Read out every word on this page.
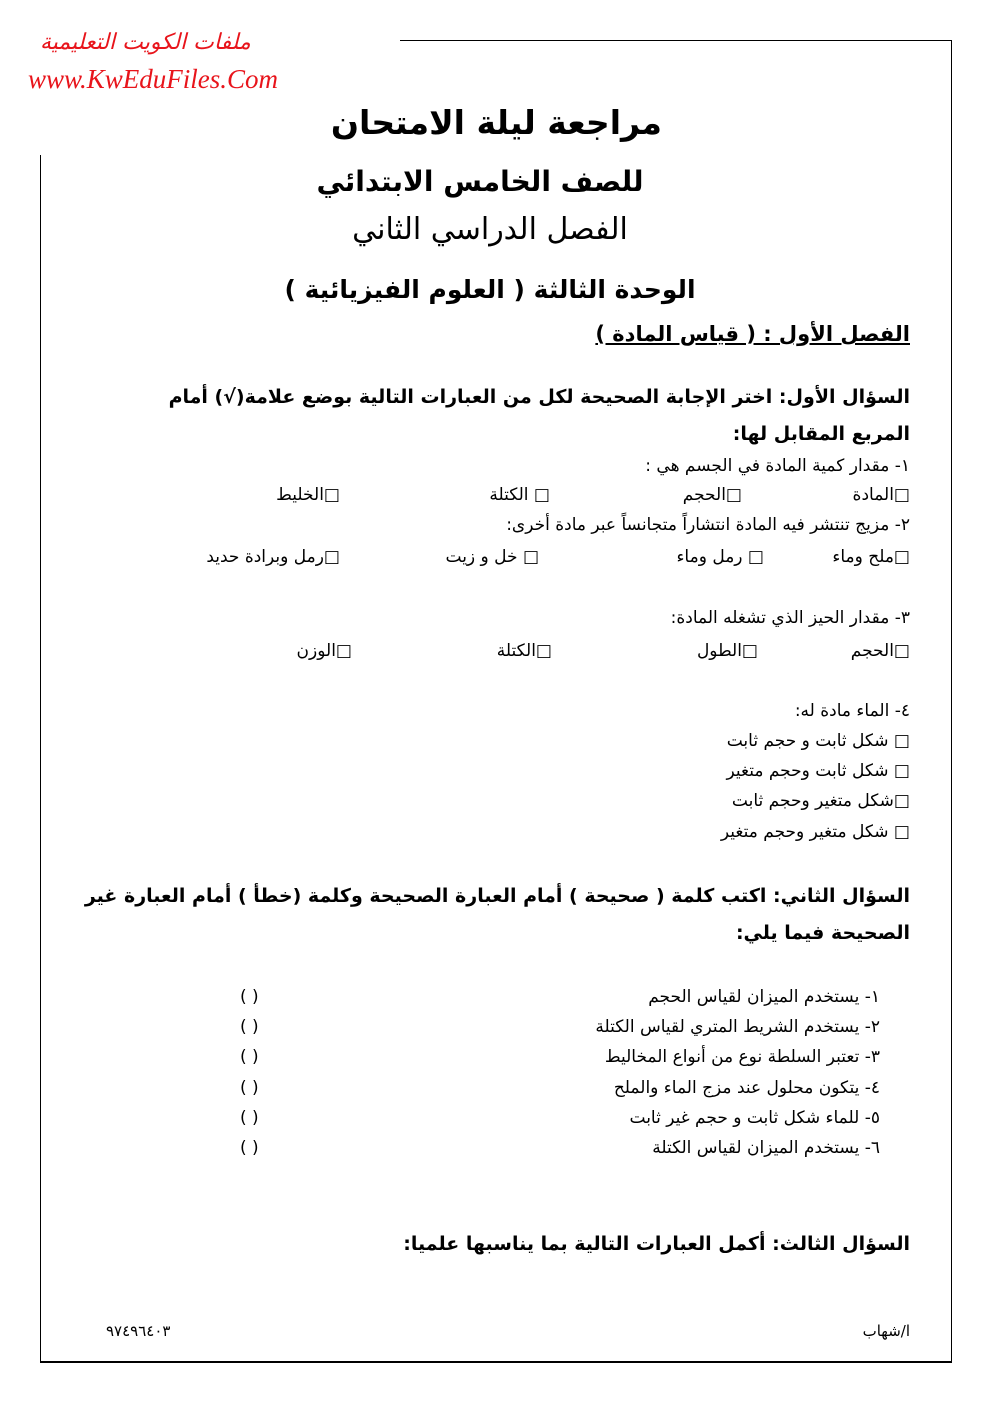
ملفات الكويت التعليمية
www.KwEduFiles.Com
مراجعة ليلة الامتحان
للصف الخامس الابتدائي
الفصل الدراسي الثاني
الوحدة الثالثة ( العلوم الفيزيائية )
الفصل الأول : ( قياس المادة )
السؤال الأول: اختر الإجابة الصحيحة لكل من العبارات التالية بوضع علامة(√) أمام
المربع المقابل لها:
١- مقدار كمية المادة في الجسم هي :
□المادة
□الحجم
□ الكتلة
□الخليط
٢- مزيج تنتشر فيه المادة انتشاراً متجانساً عبر مادة أخرى:
□ملح وماء
□ رمل وماء
□ خل و زيت
□رمل وبرادة حديد
٣- مقدار الحيز الذي تشغله المادة:
□الحجم
□الطول
□الكتلة
□الوزن
٤- الماء مادة له:
□ شكل ثابت و حجم ثابت
□ شكل ثابت وحجم متغير
□شكل متغير وحجم ثابت
□ شكل متغير وحجم متغير
السؤال الثاني: اكتب كلمة ( صحيحة ) أمام العبارة الصحيحة وكلمة (خطأ ) أمام العبارة غير
الصحيحة فيما يلي:
١- يستخدم الميزان لقياس الحجم
٢- يستخدم الشريط المتري لقياس الكتلة
٣- تعتبر السلطة نوع من أنواع المخاليط
٤- يتكون محلول عند مزج الماء والملح
٥- للماء شكل ثابت و حجم غير ثابت
٦- يستخدم الميزان لقياس الكتلة
( )
( )
( )
( )
( )
( )
السؤال الثالث: أكمل العبارات التالية بما يناسبها علميا:
ا/شهاب
٩٧٤٩٦٤٠٣
